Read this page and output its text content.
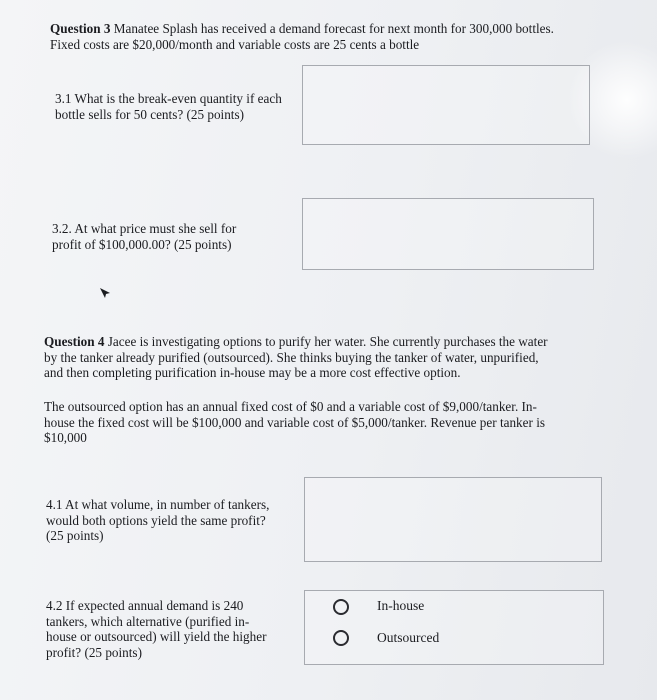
Question 3 Manatee Splash has received a demand forecast for next month for 300,000 bottles.
Fixed costs are $20,000/month and variable costs are 25 cents a bottle
3.1 What is the break-even quantity if each
bottle sells for 50 cents? (25 points)
3.2. At what price must she sell for
profit of $100,000.00? (25 points)
Question 4 Jacee is investigating options to purify her water. She currently purchases the water
by the tanker already purified (outsourced). She thinks buying the tanker of water, unpurified,
and then completing purification in-house may be a more cost effective option.
The outsourced option has an annual fixed cost of $0 and a variable cost of $9,000/tanker. In-
house the fixed cost will be $100,000 and variable cost of $5,000/tanker. Revenue per tanker is
$10,000
4.1 At what volume, in number of tankers,
would both options yield the same profit?
(25 points)
4.2 If expected annual demand is 240
tankers, which alternative (purified in-
house or outsourced) will yield the higher
profit? (25 points)
In-house
Outsourced
